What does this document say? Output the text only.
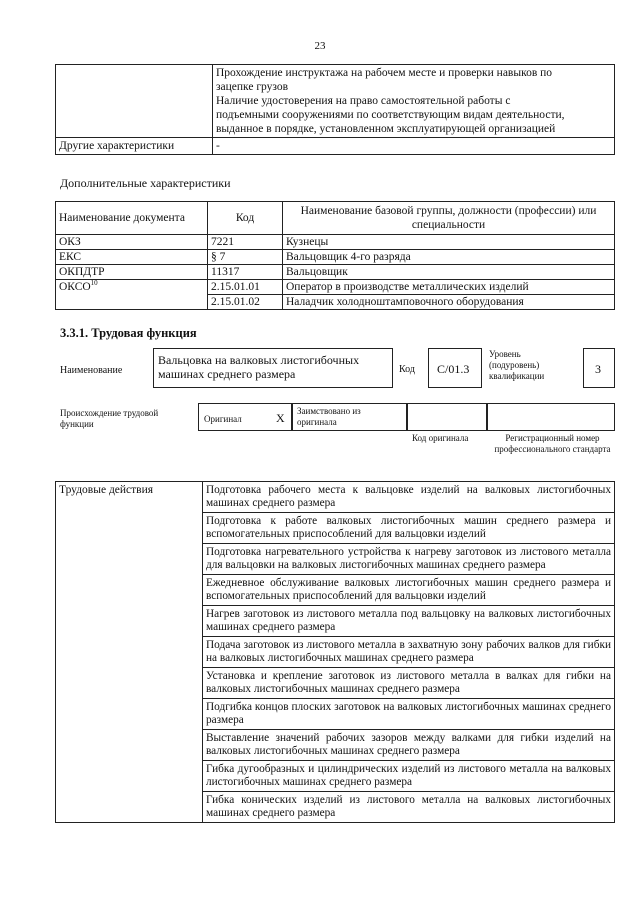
23

	Прохождение инструктажа на рабочем месте и проверки навыков по
зацепке грузов
Наличие удостоверения на право самостоятельной работы с
подъемными сооружениями по соответствующим видам деятельности,
выданное в порядке, установленном эксплуатирующей организацией

Другие характеристики	-
Дополнительные характеристики
Наименование документа	Код	Наименование базовой группы, должности (профессии) или специальности
ОКЗ	7221	Кузнецы
ЕКС	§ 7	Вальцовщик 4-го разряда
ОКПДТР	11317	Вальцовщик
ОКСО$^{10}$	2.15.01.01	Оператор в производстве металлических изделий
	2.15.01.02	Наладчик холодноштамповочного оборудования
3.3.1. Трудовая функция
Наименование
Вальцовка на валковых листогибочных машинах среднего размера	Код С/01.3
Уровень (подуровень) квалификации	3
Происхождение трудовой функции	Оригинал	Х Заимствовано из оригинала
Код оригинала	Регистрационный номер профессионального стандарта
Трудовые действия	Подготовка рабочего места к вальцовке изделий на валковых листогибочных машинах среднего размера
Подготовка к работе валковых листогибочных машин среднего размера и вспомогательных приспособлений для вальцовки изделий
Подготовка нагревательного устройства к нагреву заготовок из листового металла для вальцовки на валковых листогибочных машинах среднего размера
Ежедневное обслуживание валковых листогибочных машин среднего размера и вспомогательных приспособлений для вальцовки изделий
Нагрев заготовок из листового металла под вальцовку на валковых листогибочных машинах среднего размера
Подача заготовок из листового металла в захватную зону рабочих валков для гибки на валковых листогибочных машинах среднего размера
Установка и крепление заготовок из листового металла в валках для гибки на валковых листогибочных машинах среднего размера
Подгибка концов плоских заготовок на валковых листогибочных машинах среднего размера
Выставление значений рабочих зазоров между валками для гибки изделий на валковых листогибочных машинах среднего размера
Гибка дугообразных и цилиндрических изделий из листового металла на валковых листогибочных машинах среднего размера
Гибка конических изделий из листового металла на валковых листогибочных машинах среднего размера
